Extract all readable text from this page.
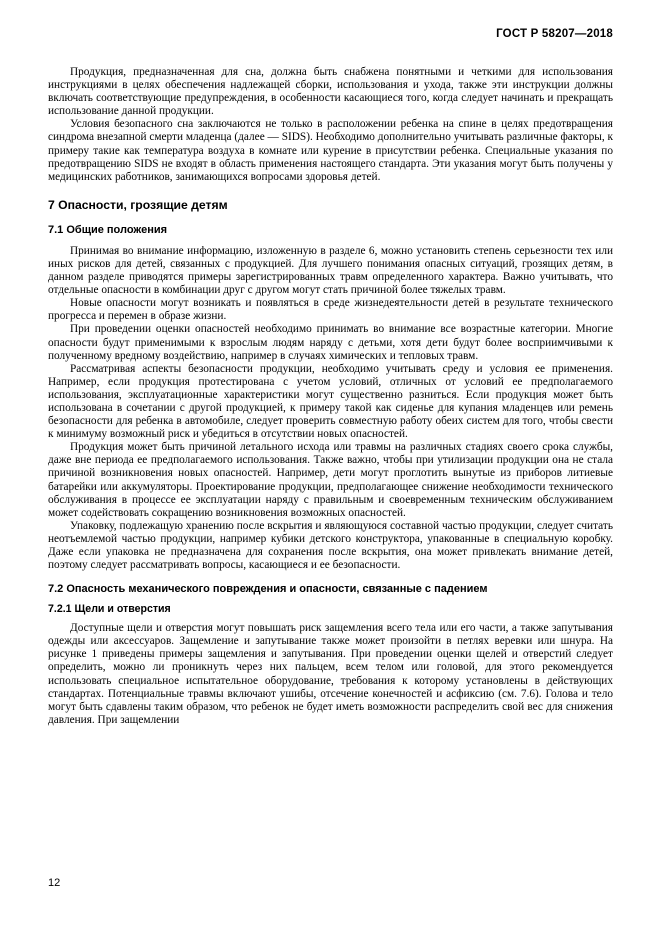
ГОСТ Р 58207—2018

Продукция, предназначенная для сна, должна быть снабжена понятными и четкими для использования инструкциями в целях обеспечения надлежащей сборки, использования и ухода, также эти инструкции должны включать соответствующие предупреждения, в особенности касающиеся того, когда следует начинать и прекращать использование данной продукции.

Условия безопасного сна заключаются не только в расположении ребенка на спине в целях предотвращения синдрома внезапной смерти младенца (далее — SIDS). Необходимо дополнительно учитывать различные факторы, к примеру такие как температура воздуха в комнате или курение в присутствии ребенка. Специальные указания по предотвращению SIDS не входят в область применения настоящего стандарта. Эти указания могут быть получены у медицинских работников, занимающихся вопросами здоровья детей.

7 Опасности, грозящие детям
7.1 Общие положения

Принимая во внимание информацию, изложенную в разделе 6, можно установить степень серьезности тех или иных рисков для детей, связанных с продукцией. Для лучшего понимания опасных ситуаций, грозящих детям, в данном разделе приводятся примеры зарегистрированных травм определенного характера. Важно учитывать, что отдельные опасности в комбинации друг с другом могут стать причиной более тяжелых травм.

Новые опасности могут возникать и появляться в среде жизнедеятельности детей в результате технического прогресса и перемен в образе жизни.

При проведении оценки опасностей необходимо принимать во внимание все возрастные категории. Многие опасности будут применимыми к взрослым людям наряду с детьми, хотя дети будут более восприимчивыми к полученному вредному воздействию, например в случаях химических и тепловых травм.

Рассматривая аспекты безопасности продукции, необходимо учитывать среду и условия ее применения. Например, если продукция протестирована с учетом условий, отличных от условий ее предполагаемого использования, эксплуатационные характеристики могут существенно разниться. Если продукция может быть использована в сочетании с другой продукцией, к примеру такой как сиденье для купания младенцев или ремень безопасности для ребенка в автомобиле, следует проверить совместную работу обеих систем для того, чтобы свести к минимуму возможный риск и убедиться в отсутствии новых опасностей.

Продукция может быть причиной летального исхода или травмы на различных стадиях своего срока службы, даже вне периода ее предполагаемого использования. Также важно, чтобы при утилизации продукции она не стала причиной возникновения новых опасностей. Например, дети могут проглотить вынутые из приборов литиевые батарейки или аккумуляторы. Проектирование продукции, предполагающее снижение необходимости технического обслуживания в процессе ее эксплуатации наряду с правильным и своевременным техническим обслуживанием может содействовать сокращению возникновения возможных опасностей.

Упаковку, подлежащую хранению после вскрытия и являющуюся составной частью продукции, следует считать неотъемлемой частью продукции, например кубики детского конструктора, упакованные в специальную коробку. Даже если упаковка не предназначена для сохранения после вскрытия, она может привлекать внимание детей, поэтому следует рассматривать вопросы, касающиеся и ее безопасности.

7.2 Опасность механического повреждения и опасности, связанные с падением
7.2.1 Щели и отверстия

Доступные щели и отверстия могут повышать риск защемления всего тела или его части, а также запутывания одежды или аксессуаров. Защемление и запутывание также может произойти в петлях веревки или шнура. На рисунке 1 приведены примеры защемления и запутывания. При проведении оценки щелей и отверстий следует определить, можно ли проникнуть через них пальцем, всем телом или головой, для этого рекомендуется использовать специальное испытательное оборудование, требования к которому установлены в действующих стандартах. Потенциальные травмы включают ушибы, отсечение конечностей и асфиксию (см. 7.6). Голова и тело могут быть сдавлены таким образом, что ребенок не будет иметь возможности распределить свой вес для снижения давления. При защемлении

12
